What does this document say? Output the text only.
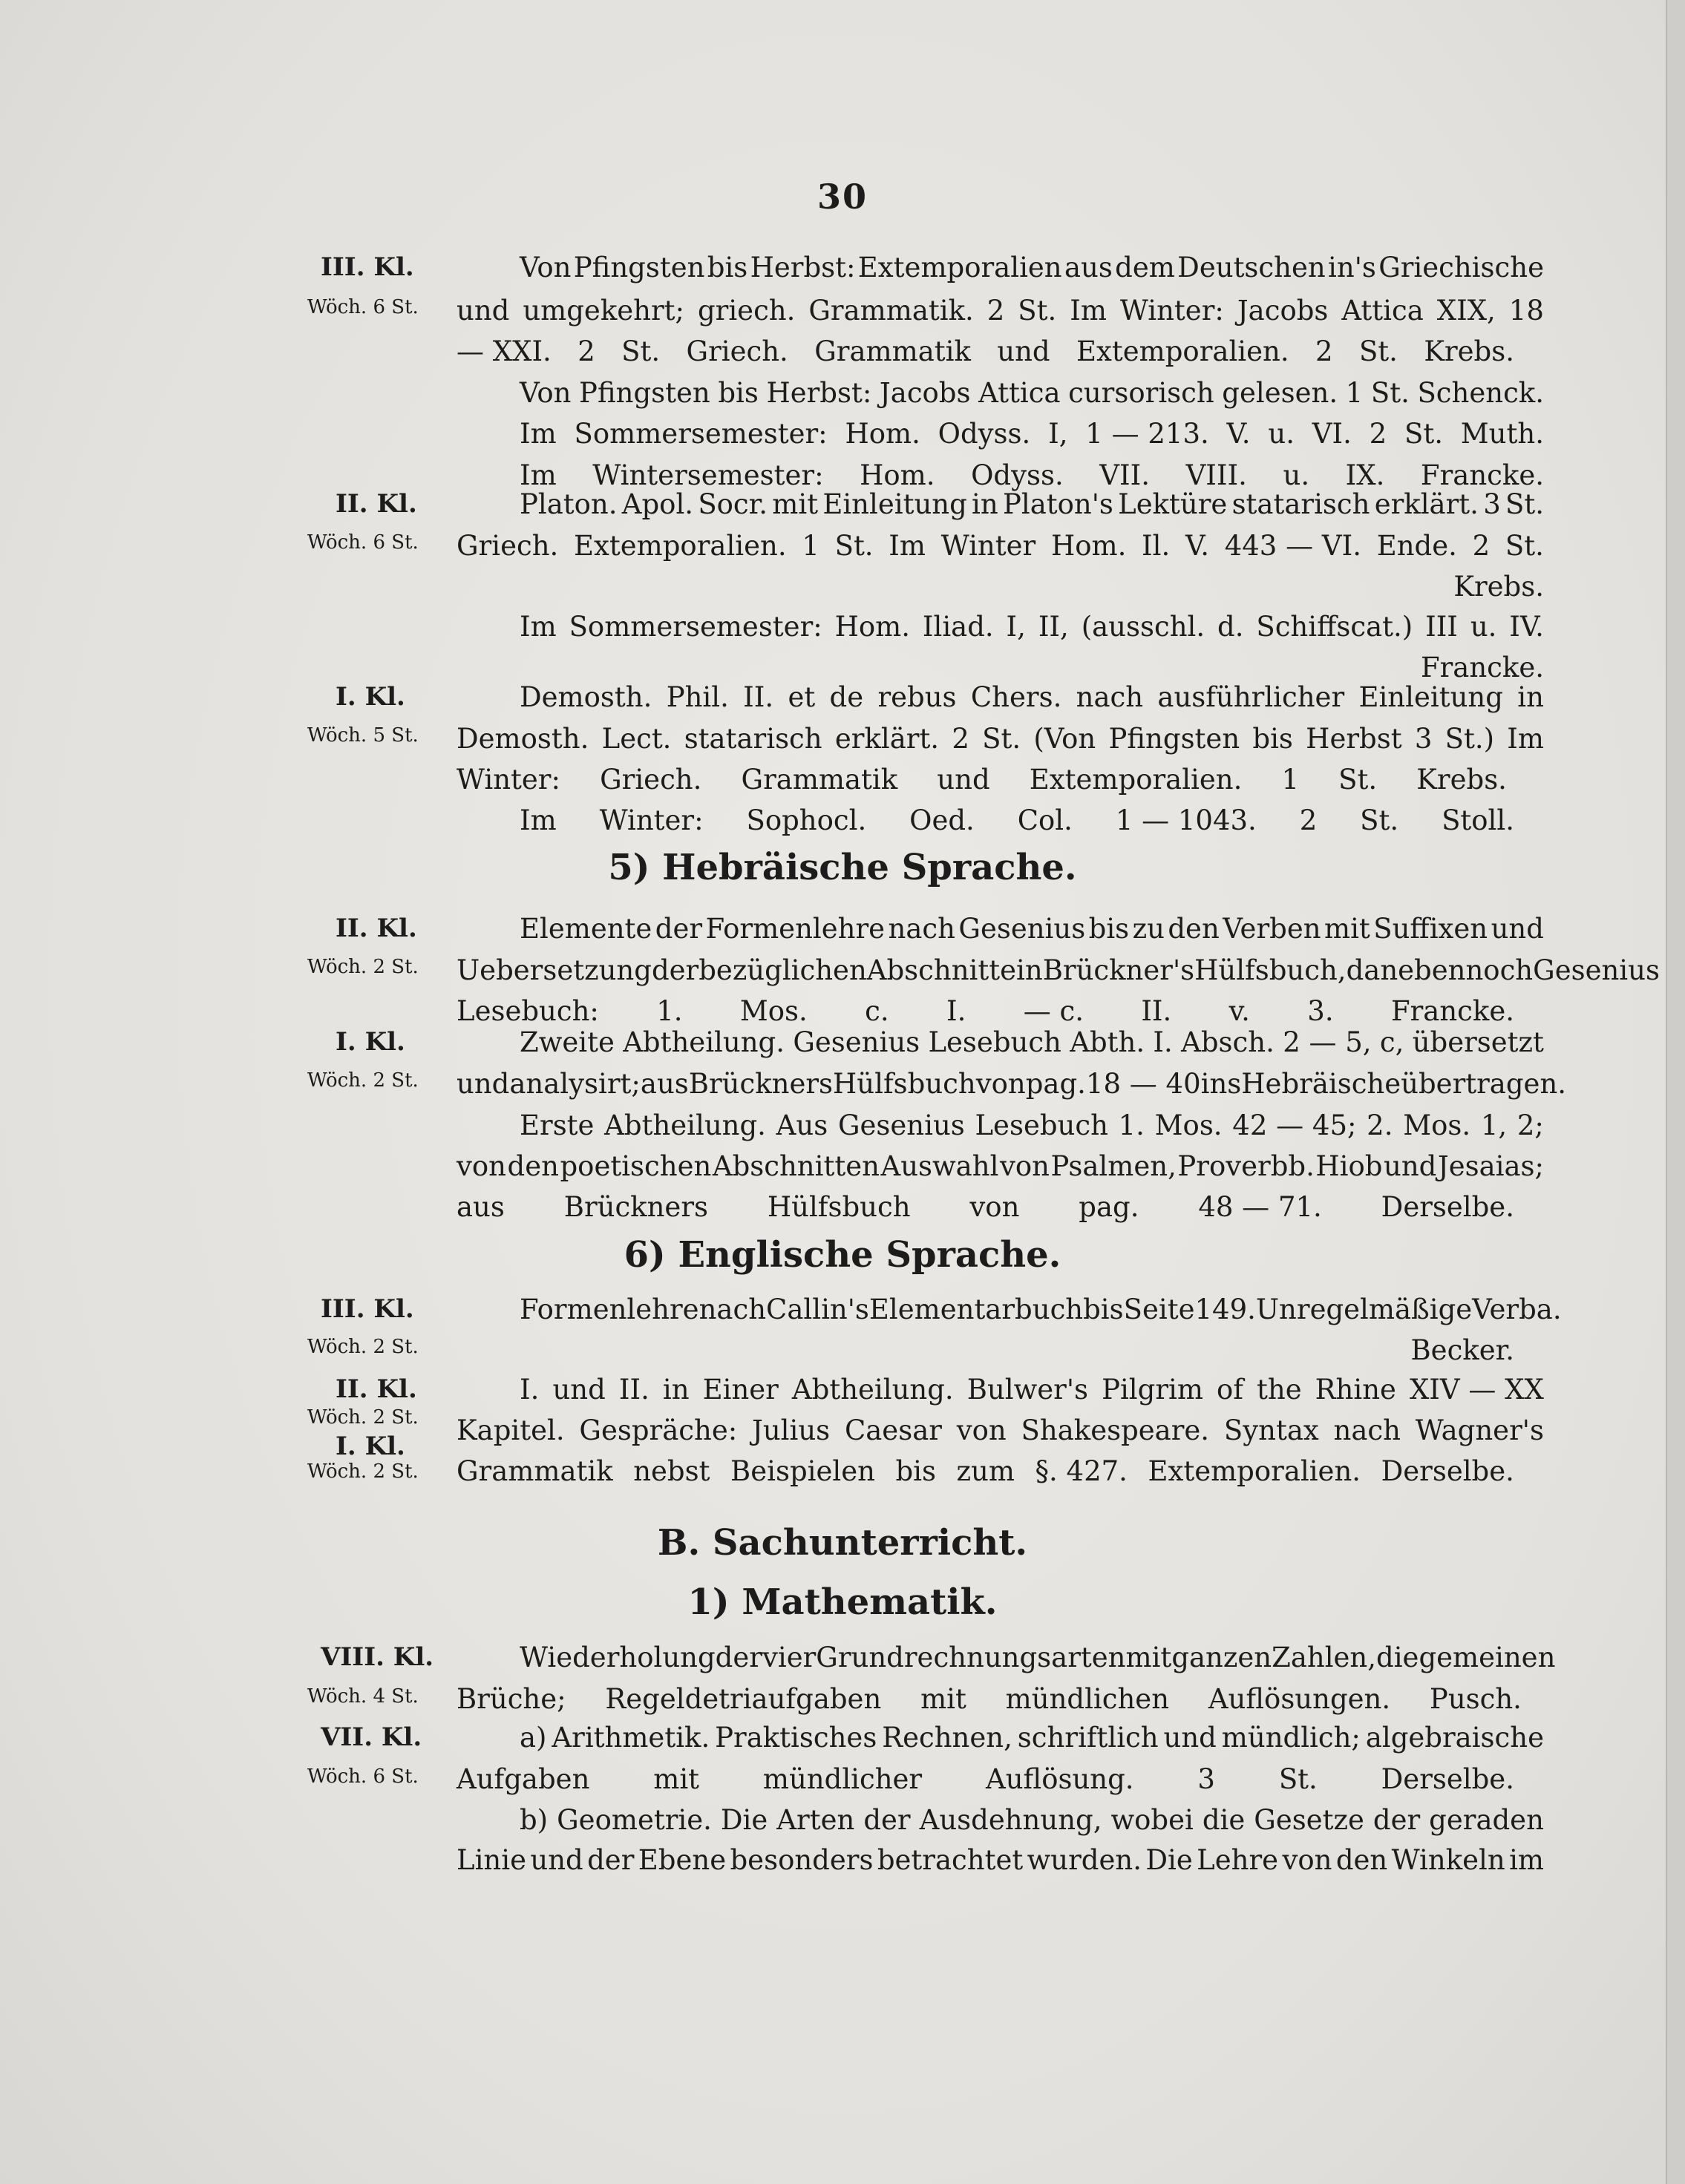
30
III. Kl.
Wöch. 6 St.
Von Pfingsten bis Herbst: Extemporalien aus dem Deutschen in's Griechische
und umgekehrt; griech. Grammatik. 2 St. Im Winter: Jacobs Attica XIX, 18
— XXI. 2 St. Griech. Grammatik und Extemporalien. 2 St. Krebs.
Von Pfingsten bis Herbst: Jacobs Attica cursorisch gelesen. 1 St. Schenck.
Im Sommersemester: Hom. Odyss. I, 1 — 213. V. u. VI. 2 St. Muth.
Im Wintersemester: Hom. Odyss. VII. VIII. u. IX. Francke.
II. Kl.
Wöch. 6 St.
Platon. Apol. Socr. mit Einleitung in Platon's Lektüre statarisch erklärt. 3 St.
Griech. Extemporalien. 1 St. Im Winter Hom. Il. V. 443 — VI. Ende. 2 St.
Krebs.
Im Sommersemester: Hom. Iliad. I, II, (ausschl. d. Schiffscat.) III u. IV.
Francke.
I. Kl.
Wöch. 5 St.
Demosth. Phil. II. et de rebus Chers. nach ausführlicher Einleitung in
Demosth. Lect. statarisch erklärt. 2 St. (Von Pfingsten bis Herbst 3 St.) Im
Winter: Griech. Grammatik und Extemporalien. 1 St. Krebs.
Im Winter: Sophocl. Oed. Col. 1 — 1043. 2 St. Stoll.
5) Hebräische Sprache.
II. Kl.
Wöch. 2 St.
Elemente der Formenlehre nach Gesenius bis zu den Verben mit Suffixen und
Uebersetzung der bezüglichen Abschnitte in Brückner's Hülfsbuch, daneben noch Gesenius
Lesebuch: 1. Mos. c. I. — c. II. v. 3. Francke.
I. Kl.
Wöch. 2 St.
Zweite Abtheilung. Gesenius Lesebuch Abth. I. Absch. 2 — 5, c, übersetzt
und analysirt; aus Brückners Hülfsbuch von pag. 18 — 40 ins Hebräische übertragen.
Erste Abtheilung. Aus Gesenius Lesebuch 1. Mos. 42 — 45; 2. Mos. 1, 2;
von den poetischen Abschnitten Auswahl von Psalmen, Proverbb. Hiob und Jesaias;
aus Brückners Hülfsbuch von pag. 48 — 71. Derselbe.
6) Englische Sprache.
III. Kl.
Wöch. 2 St.
Formenlehre nach Callin's Elementarbuch bis Seite 149. Unregelmäßige Verba.
Becker.
II. Kl.
Wöch. 2 St.
I. Kl.
Wöch. 2 St.
I. und II. in Einer Abtheilung. Bulwer's Pilgrim of the Rhine XIV — XX
Kapitel. Gespräche: Julius Caesar von Shakespeare. Syntax nach Wagner's
Grammatik nebst Beispielen bis zum §. 427. Extemporalien. Derselbe.
B. Sachunterricht.
1) Mathematik.
VIII. Kl.
Wöch. 4 St.
Wiederholung der vier Grundrechnungsarten mit ganzen Zahlen, die gemeinen
Brüche; Regeldetriaufgaben mit mündlichen Auflösungen. Pusch.
VII. Kl.
Wöch. 6 St.
a) Arithmetik. Praktisches Rechnen, schriftlich und mündlich; algebraische
Aufgaben mit mündlicher Auflösung. 3 St. Derselbe.
b) Geometrie. Die Arten der Ausdehnung, wobei die Gesetze der geraden
Linie und der Ebene besonders betrachtet wurden. Die Lehre von den Winkeln im
